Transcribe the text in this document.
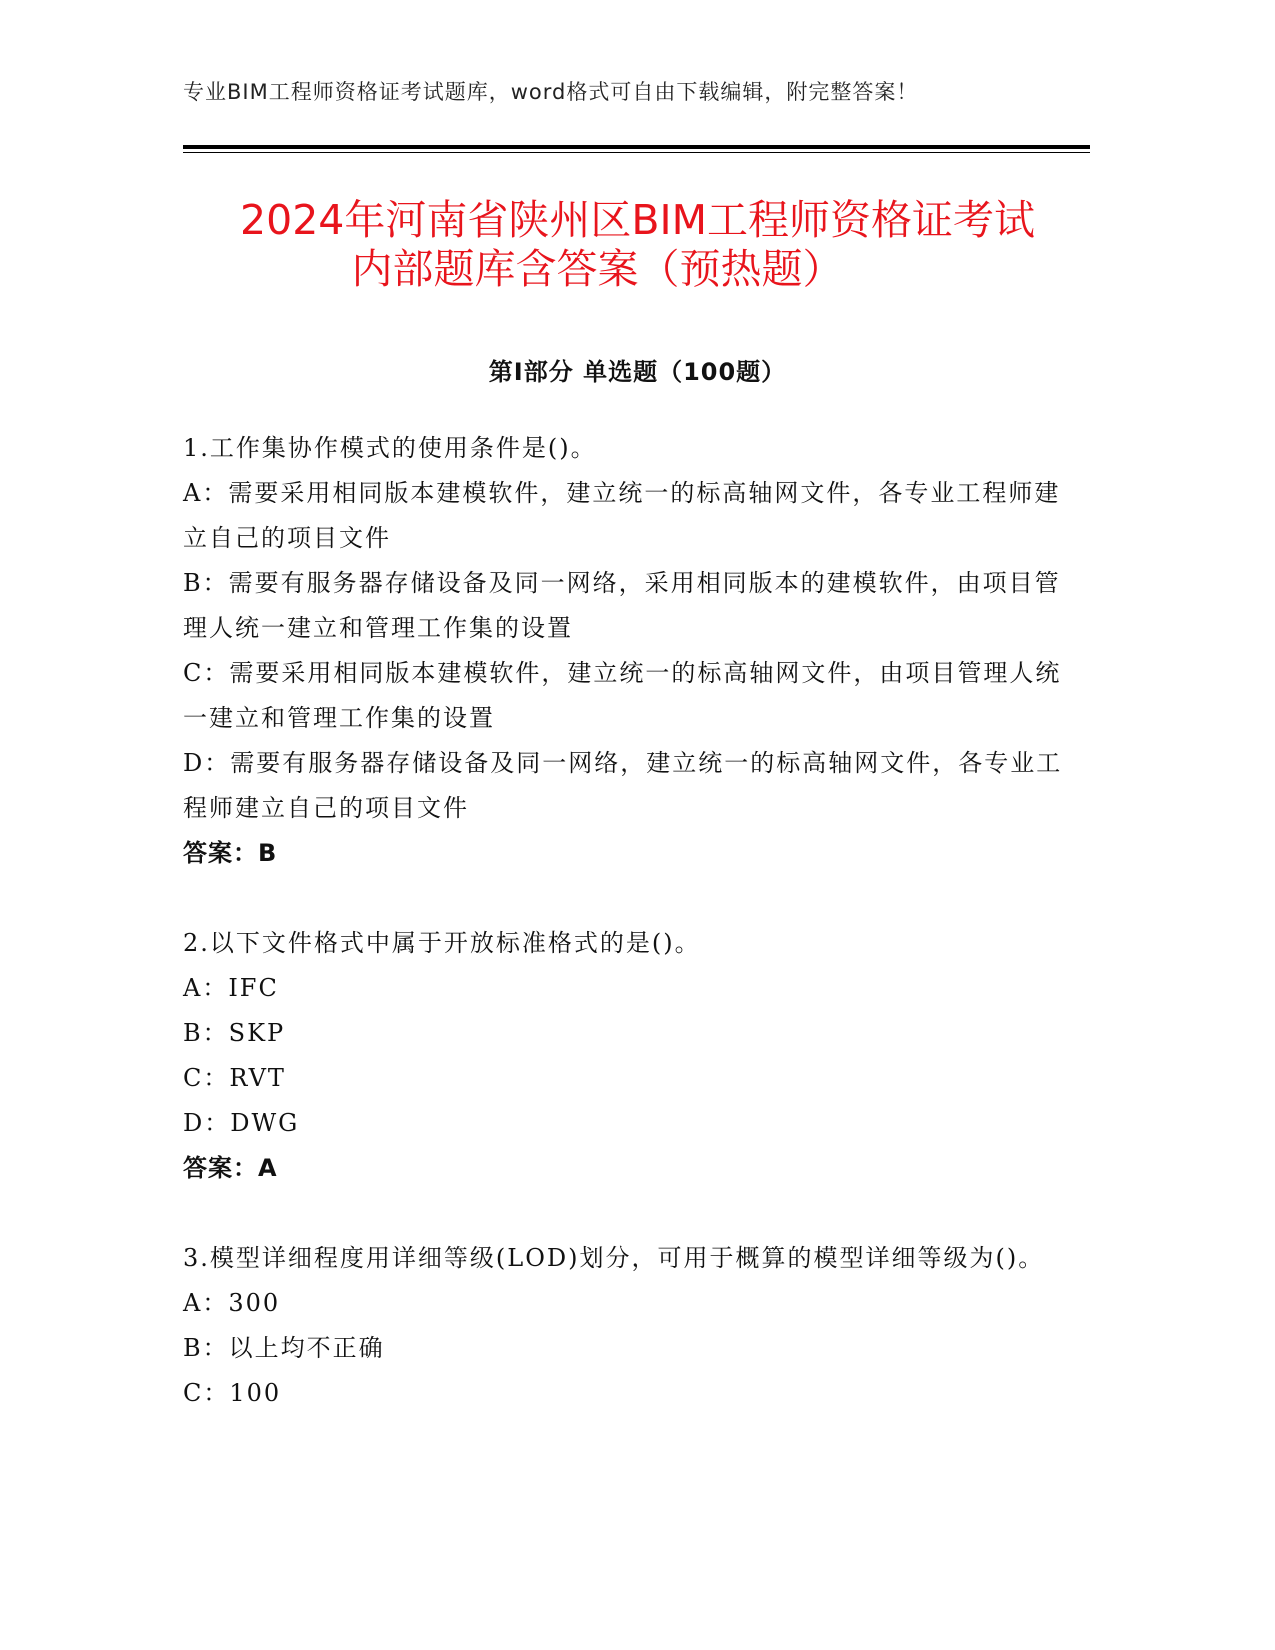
专业BIM工程师资格证考试题库，word格式可自由下载编辑，附完整答案！
2024年河南省陕州区BIM工程师资格证考试
内部题库含答案（预热题）
第Ⅰ部分 单选题（100题）

1.工作集协作模式的使用条件是()。

A：需要采用相同版本建模软件，建立统一的标高轴网文件，各专业工程师建立自己的项目文件

B：需要有服务器存储设备及同一网络，采用相同版本的建模软件，由项目管理人统一建立和管理工作集的设置

C：需要采用相同版本建模软件，建立统一的标高轴网文件，由项目管理人统一建立和管理工作集的设置

D：需要有服务器存储设备及同一网络，建立统一的标高轴网文件，各专业工程师建立自己的项目文件

答案：B

2.以下文件格式中属于开放标准格式的是()。

A：IFC

B：SKP

C：RVT

D：DWG

答案：A

3.模型详细程度用详细等级(LOD)划分，可用于概算的模型详细等级为()。

A：300

B：以上均不正确

C：100
